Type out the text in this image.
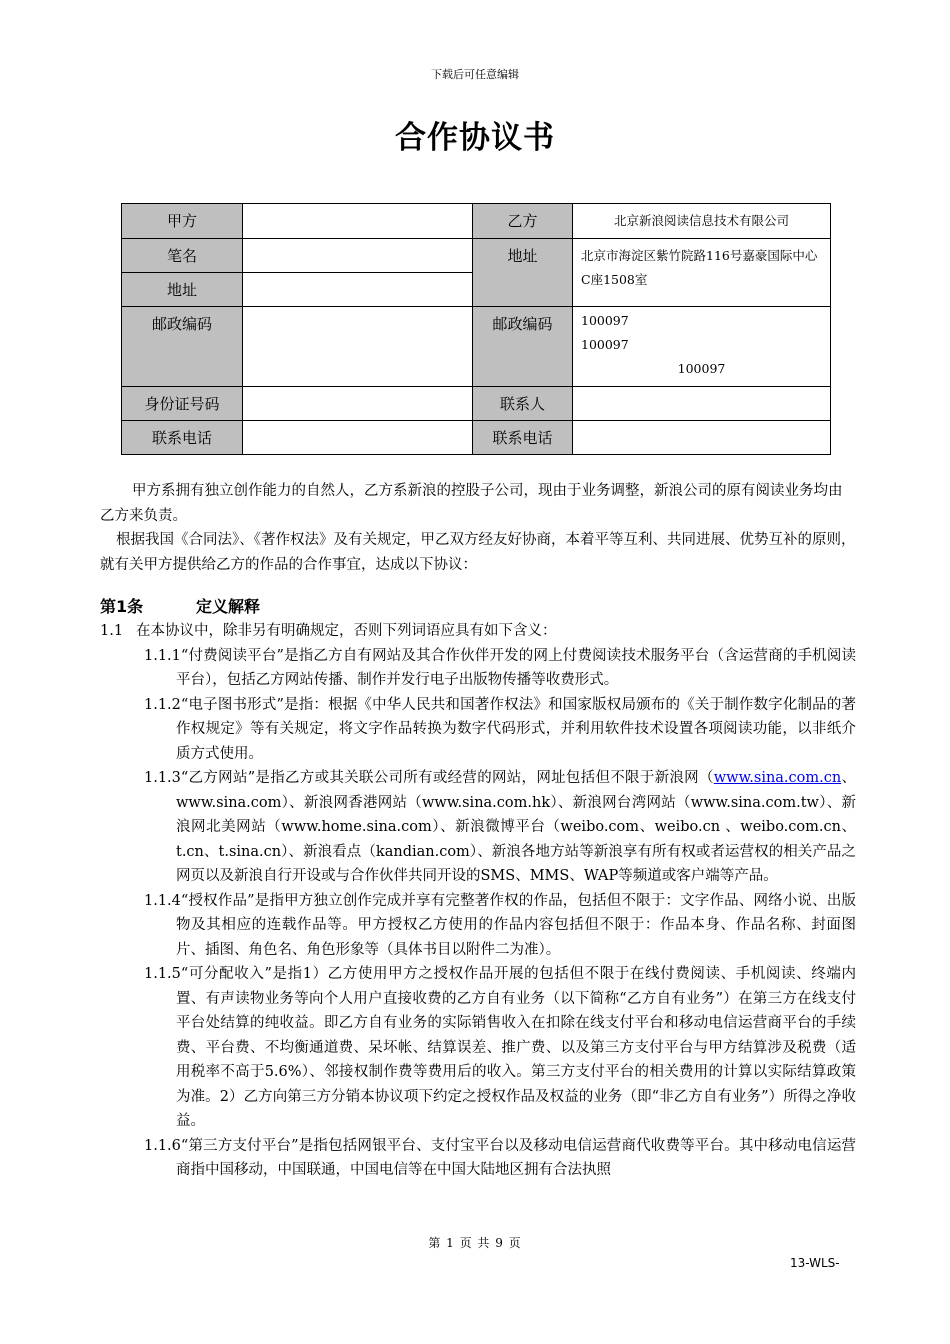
下载后可任意编辑
合作协议书
甲方		乙方	北京新浪阅读信息技术有限公司
笔名		地址	北京市海淀区紫竹院路116号嘉豪国际中心C座1508室
地址			
邮政编码		邮政编码	100097
100097
100097

身份证号码		联系人	
联系电话		联系电话	

甲方系拥有独立创作能力的自然人，乙方系新浪的控股子公司，现由于业务调整，新浪公司的原有阅读业务均由乙方来负责。

根据我国《合同法》、《著作权法》及有关规定，甲乙双方经友好协商，本着平等互利、共同进展、优势互补的原则，就有关甲方提供给乙方的作品的合作事宜，达成以下协议：

第1条	定义解释
1.1 在本协议中，除非另有明确规定，否则下列词语应具有如下含义：
1.1.1“付费阅读平台”是指乙方自有网站及其合作伙伴开发的网上付费阅读技术服务平台（含运营商的手机阅读平台），包括乙方网站传播、制作并发行电子出版物传播等收费形式。
1.1.2“电子图书形式”是指：根据《中华人民共和国著作权法》和国家版权局颁布的《关于制作数字化制品的著作权规定》等有关规定，将文字作品转换为数字代码形式，并利用软件技术设置各项阅读功能，以非纸介质方式使用。
1.1.3“乙方网站”是指乙方或其关联公司所有或经营的网站，网址包括但不限于新浪网（www.sina.com.cn、www.sina.com）、新浪网香港网站（www.sina.com.hk）、新浪网台湾网站（www.sina.com.tw）、新浪网北美网站（www.home.sina.com）、新浪微博平台（weibo.com、weibo.cn 、weibo.com.cn、t.cn、t.sina.cn）、新浪看点（kandian.com）、新浪各地方站等新浪享有所有权或者运营权的相关产品之网页以及新浪自行开设或与合作伙伴共同开设的SMS、MMS、WAP等频道或客户端等产品。
1.1.4“授权作品”是指甲方独立创作完成并享有完整著作权的作品，包括但不限于：文字作品、网络小说、出版物及其相应的连载作品等。甲方授权乙方使用的作品内容包括但不限于：作品本身、作品名称、封面图片、插图、角色名、角色形象等（具体书目以附件二为准）。
1.1.5“可分配收入”是指1）乙方使用甲方之授权作品开展的包括但不限于在线付费阅读、手机阅读、终端内置、有声读物业务等向个人用户直接收费的乙方自有业务（以下简称“乙方自有业务”）在第三方在线支付平台处结算的纯收益。即乙方自有业务的实际销售收入在扣除在线支付平台和移动电信运营商平台的手续费、平台费、不均衡通道费、呆坏帐、结算误差、推广费、以及第三方支付平台与甲方结算涉及税费（适用税率不高于5.6%）、邻接权制作费等费用后的收入。第三方支付平台的相关费用的计算以实际结算政策为准。2）乙方向第三方分销本协议项下约定之授权作品及权益的业务（即“非乙方自有业务”）所得之净收益。
1.1.6“第三方支付平台”是指包括网银平台、支付宝平台以及移动电信运营商代收费等平台。其中移动电信运营商指中国移动，中国联通，中国电信等在中国大陆地区拥有合法执照
第 1 页 共 9 页
13-WLS-
